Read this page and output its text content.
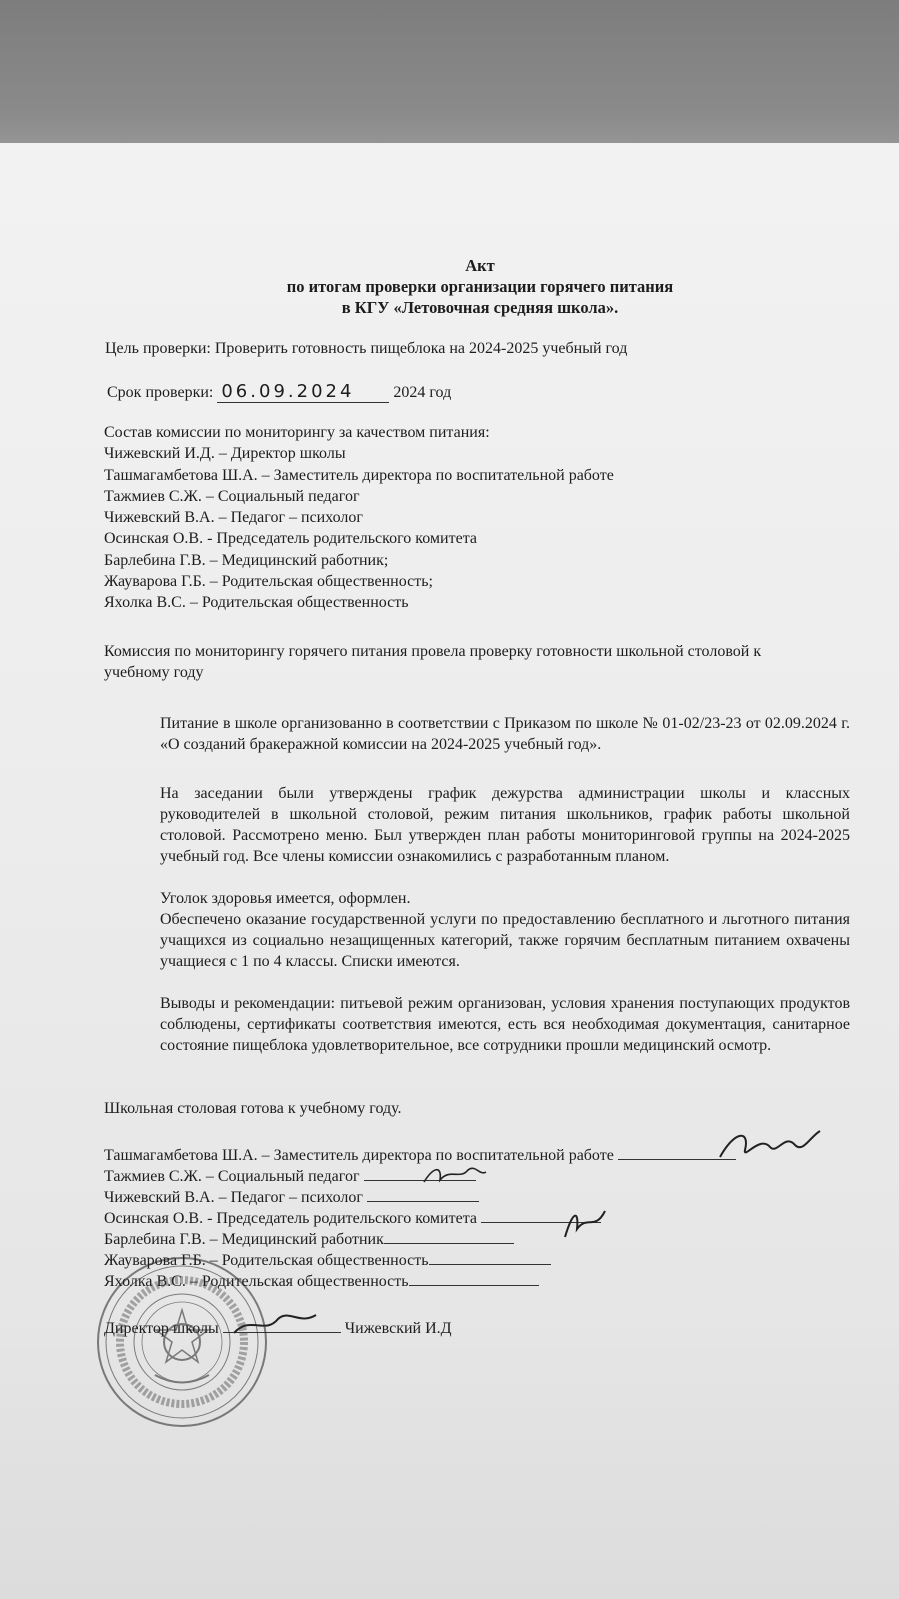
Акт
по итогам проверки организации горячего питания
в КГУ «Летовочная средняя школа».
Цель проверки: Проверить готовность пищеблока на 2024-2025 учебный год
Срок проверки: 06.09.2024 2024 год
Состав комиссии по мониторингу за качеством питания:
Чижевский И.Д. – Директор школы
Ташмагамбетова Ш.А. – Заместитель директора по воспитательной работе
Тажмиев С.Ж. – Социальный педагог
Чижевский В.А. – Педагог – психолог
Осинская О.В. - Председатель родительского комитета
Барлебина Г.В. – Медицинский работник;
Жауварова Г.Б. – Родительская общественность;
Яхолка В.С. – Родительская общественность
Комиссия по мониторингу горячего питания провела проверку готовности школьной столовой к учебному году
Питание в школе организованно в соответствии с Приказом по школе № 01-02/23-23 от 02.09.2024 г. «О созданий бракеражной комиссии на 2024-2025 учебный год».
На заседании были утверждены график дежурства администрации школы и классных руководителей в школьной столовой, режим питания школьников, график работы школьной столовой. Рассмотрено меню. Был утвержден план работы мониторинговой группы на 2024-2025 учебный год. Все члены комиссии ознакомились с разработанным планом.
Уголок здоровья имеется, оформлен.
Обеспечено оказание государственной услуги по предоставлению бесплатного и льготного питания учащихся из социально незащищенных категорий, также горячим бесплатным питанием охвачены учащиеся с 1 по 4 классы. Списки имеются.
Выводы и рекомендации: питьевой режим организован, условия хранения поступающих продуктов соблюдены, сертификаты соответствия имеются, есть вся необходимая документация, санитарное состояние пищеблока удовлетворительное, все сотрудники прошли медицинский осмотр.
Школьная столовая готова к учебному году.
Ташмагамбетова Ш.А. – Заместитель директора по воспитательной работе
Тажмиев С.Ж. – Социальный педагог
Чижевский В.А. – Педагог – психолог
Осинская О.В. - Председатель родительского комитета
Барлебина Г.В. – Медицинский работник
Жауварова Г.Б. – Родительская общественность
Яхолка В.С. – Родительская общественность
Директор школы	Чижевский И.Д
